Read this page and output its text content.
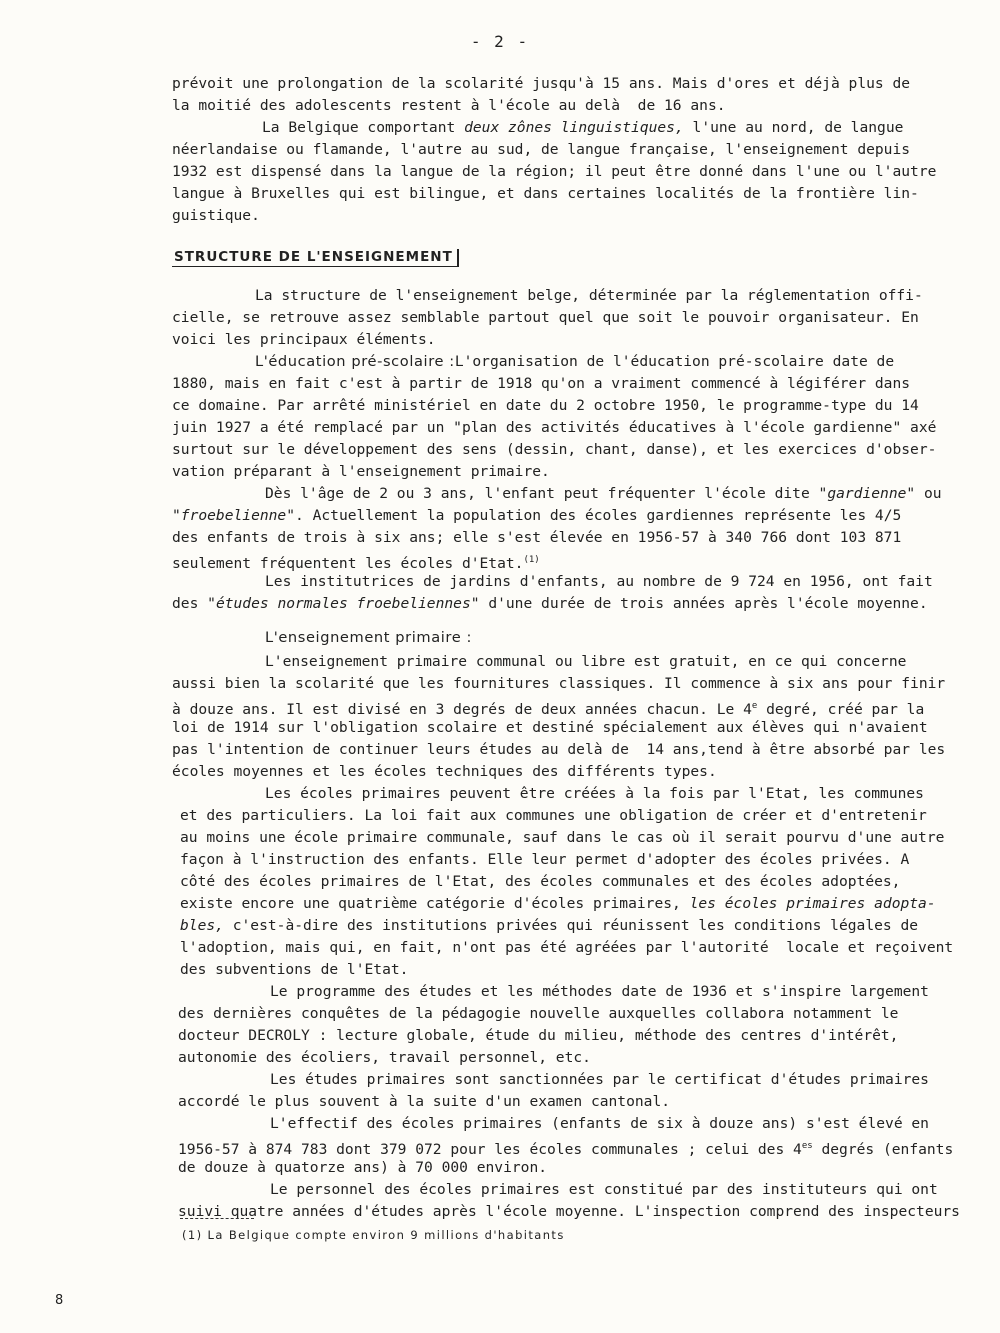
- 2 -
STRUCTURE DE L'ENSEIGNEMENT
prévoit une prolongation de la scolarité jusqu'à 15 ans. Mais d'ores et déjà plus de
la moitié des adolescents restent à l'école au delà  de 16 ans.
La Belgique comportant deux zônes linguistiques, l'une au nord, de langue
néerlandaise ou flamande, l'autre au sud, de langue française, l'enseignement depuis
1932 est dispensé dans la langue de la région; il peut être donné dans l'une ou l'autre
langue à Bruxelles qui est bilingue, et dans certaines localités de la frontière lin-
guistique.
La structure de l'enseignement belge, déterminée par la réglementation offi-
cielle, se retrouve assez semblable partout quel que soit le pouvoir organisateur. En
voici les principaux éléments.
L'éducation pré-scolaire :L'organisation de l'éducation pré-scolaire date de
1880, mais en fait c'est à partir de 1918 qu'on a vraiment commencé à légiférer dans
ce domaine. Par arrêté ministériel en date du 2 octobre 1950, le programme-type du 14
juin 1927 a été remplacé par un "plan des activités éducatives à l'école gardienne" axé
surtout sur le développement des sens (dessin, chant, danse), et les exercices d'obser-
vation préparant à l'enseignement primaire.
Dès l'âge de 2 ou 3 ans, l'enfant peut fréquenter l'école dite "gardienne" ou
"froebelienne". Actuellement la population des écoles gardiennes représente les 4/5
des enfants de trois à six ans; elle s'est élevée en 1956-57 à 340 766 dont 103 871
seulement fréquentent les écoles d'Etat.$^{(1)}$
Les institutrices de jardins d'enfants, au nombre de 9 724 en 1956, ont fait
des "études normales froebeliennes" d'une durée de trois années après l'école moyenne.
L'enseignement primaire :
L'enseignement primaire communal ou libre est gratuit, en ce qui concerne
aussi bien la scolarité que les fournitures classiques. Il commence à six ans pour finir
à douze ans. Il est divisé en 3 degrés de deux années chacun. Le 4e degré, créé par la
loi de 1914 sur l'obligation scolaire et destiné spécialement aux élèves qui n'avaient
pas l'intention de continuer leurs études au delà de  14 ans,tend à être absorbé par les
écoles moyennes et les écoles techniques des différents types.
Les écoles primaires peuvent être créées à la fois par l'Etat, les communes
et des particuliers. La loi fait aux communes une obligation de créer et d'entretenir
au moins une école primaire communale, sauf dans le cas où il serait pourvu d'une autre
façon à l'instruction des enfants. Elle leur permet d'adopter des écoles privées. A
côté des écoles primaires de l'Etat, des écoles communales et des écoles adoptées,
existe encore une quatrième catégorie d'écoles primaires, les écoles primaires adopta-
bles, c'est-à-dire des institutions privées qui réunissent les conditions légales de
l'adoption, mais qui, en fait, n'ont pas été agréées par l'autorité  locale et reçoivent
des subventions de l'Etat.
Le programme des études et les méthodes date de 1936 et s'inspire largement
des dernières conquêtes de la pédagogie nouvelle auxquelles collabora notamment le
docteur DECROLY : lecture globale, étude du milieu, méthode des centres d'intérêt,
autonomie des écoliers, travail personnel, etc.
Les études primaires sont sanctionnées par le certificat d'études primaires
accordé le plus souvent à la suite d'un examen cantonal.
L'effectif des écoles primaires (enfants de six à douze ans) s'est élevé en
1956-57 à 874 783 dont 379 072 pour les écoles communales ; celui des $4^{es}$ degrés (enfants
de douze à quatorze ans) à 70 000 environ.
Le personnel des écoles primaires est constitué par des instituteurs qui ont
suivi quatre années d'études après l'école moyenne. L'inspection comprend des inspecteurs
(1) La Belgique compte environ 9 millions d'habitants
8
